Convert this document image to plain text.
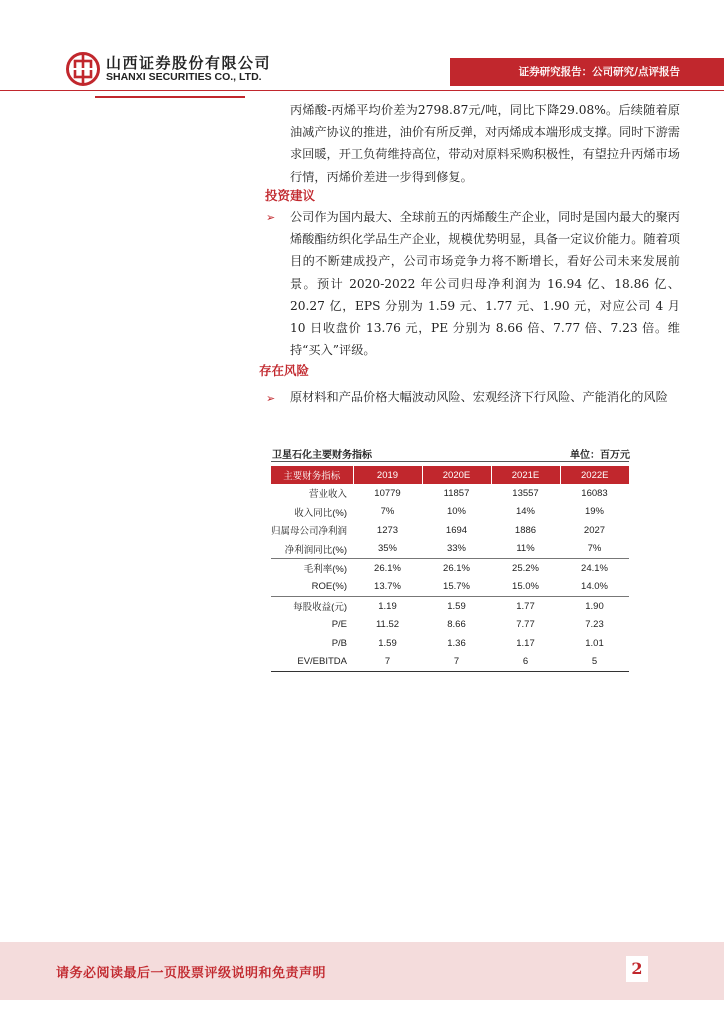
山西证券股份有限公司
SHANXI SECURITIES CO., LTD.	证券研究报告：公司研究/点评报告
丙烯酸-丙烯平均价差为2798.87元/吨，同比下降29.08%。后续随着原油减产协议的推进，油价有所反弹，对丙烯成本端形成支撑。同时下游需求回暖，开工负荷维持高位，带动对原料采购积极性，有望拉升丙烯市场行情，丙烯价差进一步得到修复。
投资建议
➢ 公司作为国内最大、全球前五的丙烯酸生产企业，同时是国内最大的聚丙烯酸酯纺织化学品生产企业，规模优势明显，具备一定议价能力。随着项目的不断建成投产，公司市场竞争力将不断增长，看好公司未来发展前景。预计 2020-2022 年公司归母净利润为 16.94 亿、18.86 亿、20.27 亿，EPS 分别为 1.59 元、1.77 元、1.90 元，对应公司 4 月 10 日收盘价 13.76 元，PE 分别为 8.66 倍、7.77 倍、7.23 倍。维持“买入”评级。
存在风险
➢ 原材料和产品价格大幅波动风险、宏观经济下行风险、产能消化的风险
卫星石化主要财务指标	单位：百万元
主要财务指标	2019	2020E	2021E	2022E
营业收入	10779	11857	13557	16083
收入同比(%)	7%	10%	14%	19%
归属母公司净利润	1273	1694	1886	2027
净利润同比(%)	35%	33%	11%	7%
毛利率(%)	26.1%	26.1%	25.2%	24.1%
ROE(%)	13.7%	15.7%	15.0%	14.0%
每股收益(元)	1.19	1.59	1.77	1.90
P/E	11.52	8.66	7.77	7.23
P/B	1.59	1.36	1.17	1.01
EV/EBITDA	7	7	6	5
请务必阅读最后一页股票评级说明和免责声明	2
